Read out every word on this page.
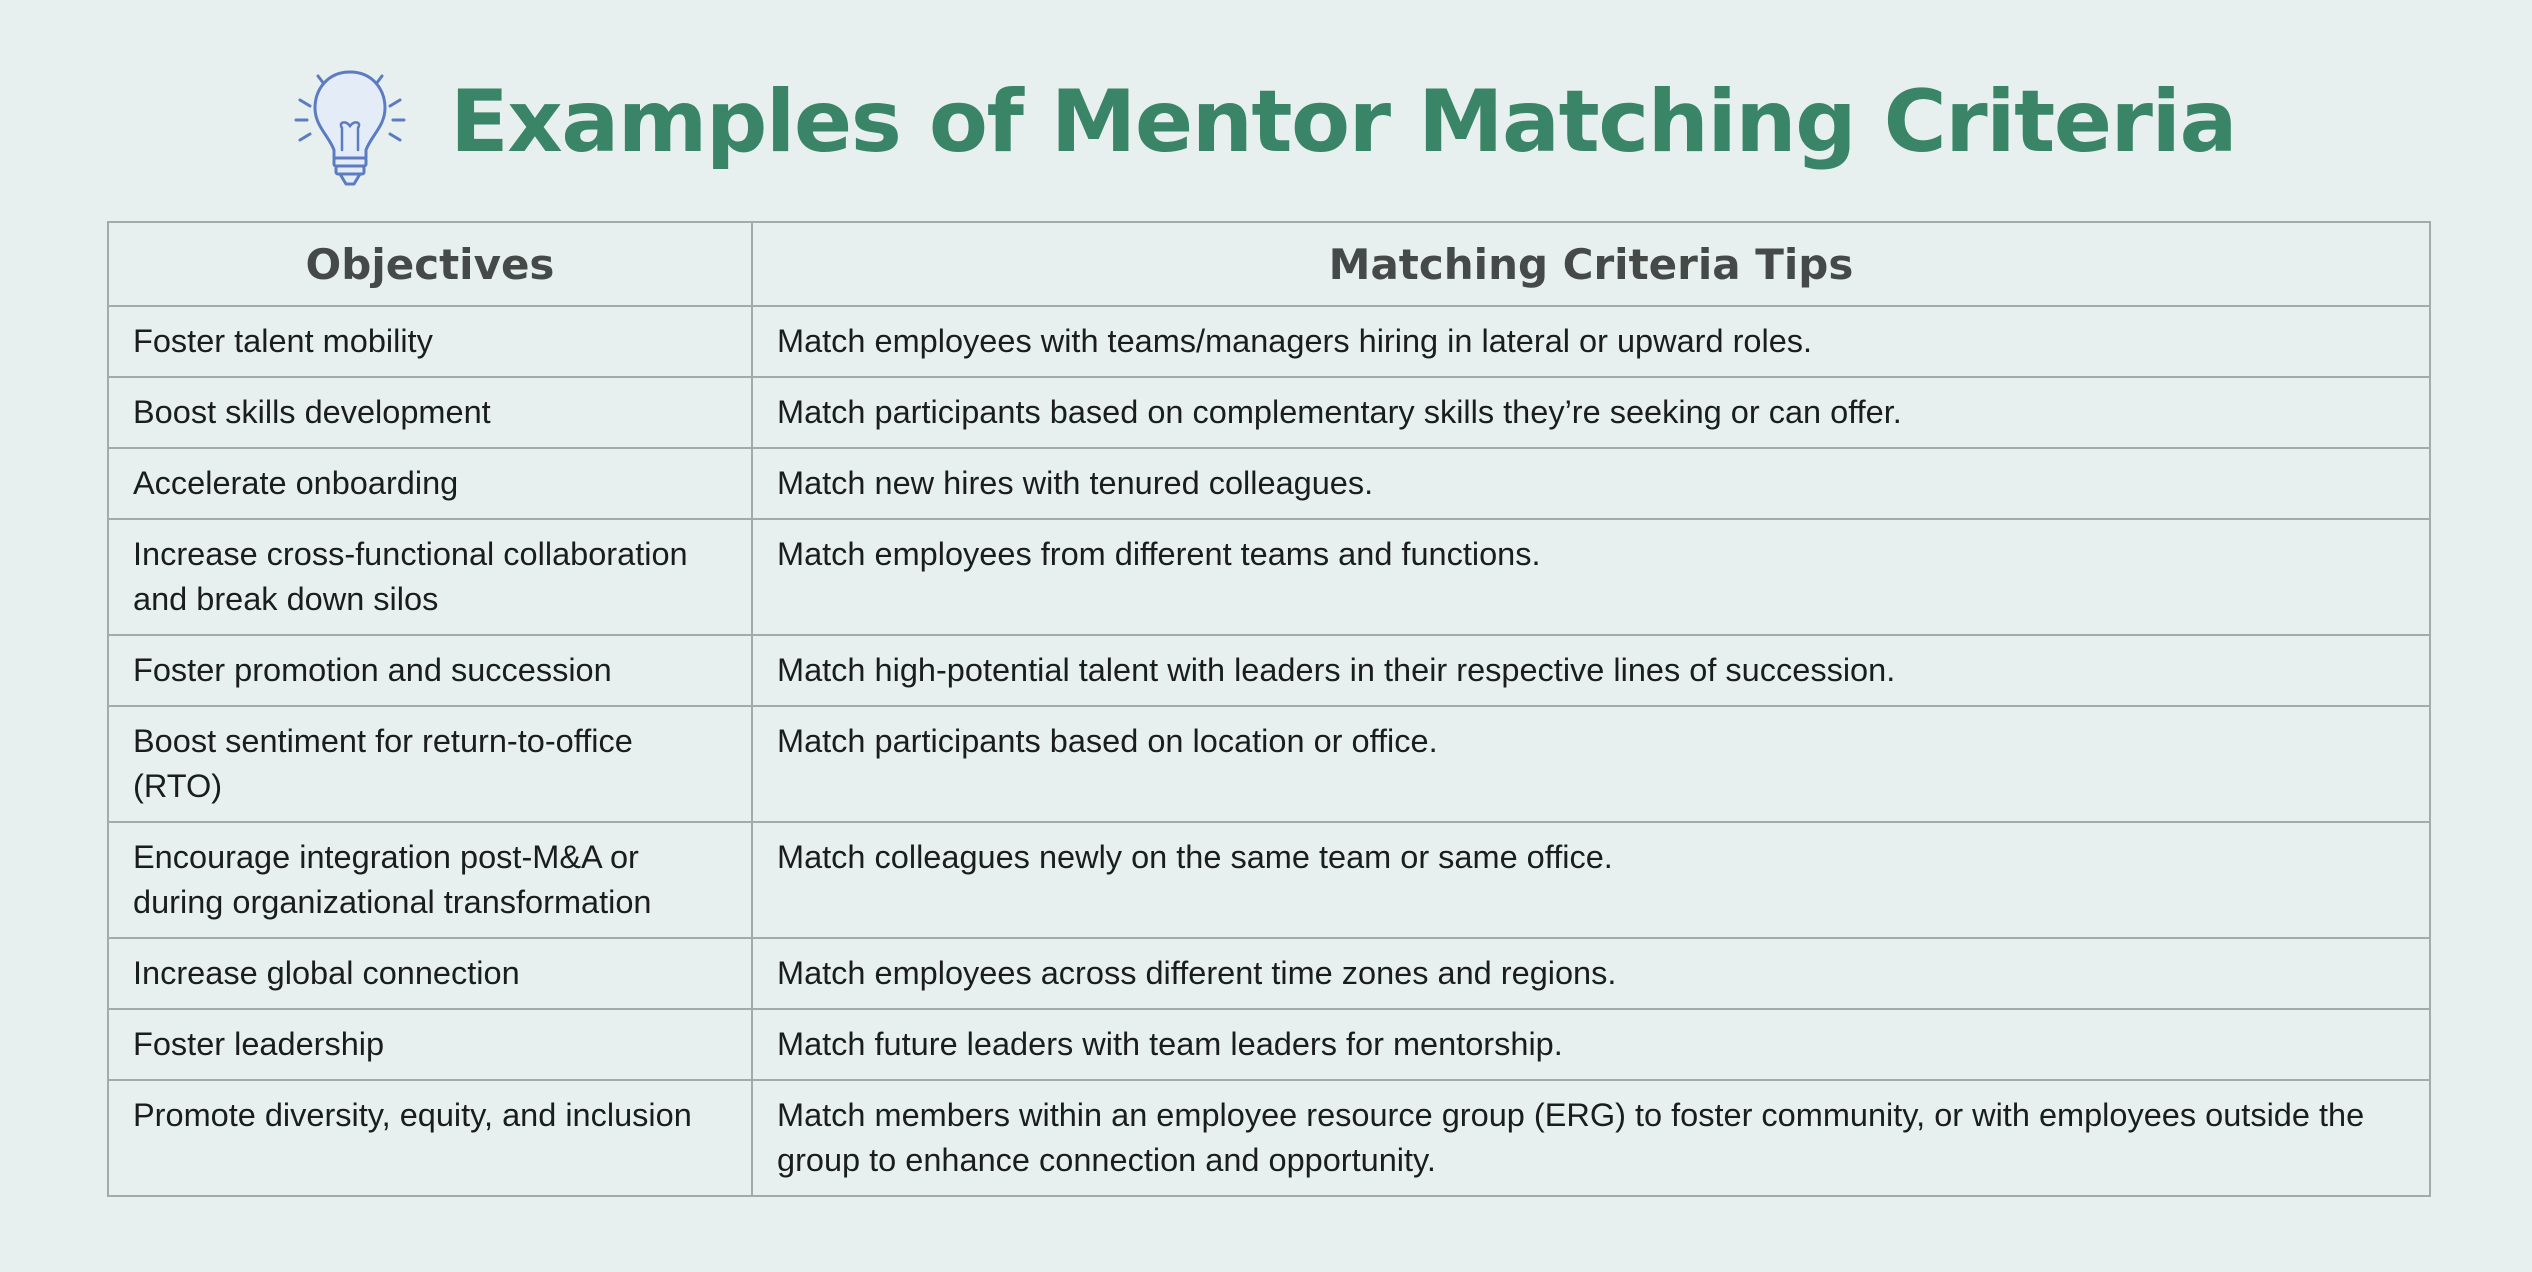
Examples of Mentor Matching Criteria
Objectives	Matching Criteria Tips
Foster talent mobility	Match employees with teams/managers hiring in lateral or upward roles.
Boost skills development	Match participants based on complementary skills they’re seeking or can offer.
Accelerate onboarding	Match new hires with tenured colleagues.
Increase cross-functional collaboration and break down silos	Match employees from different teams and functions.
Foster promotion and succession	Match high-potential talent with leaders in their respective lines of succession.
Boost sentiment for return-to-office (RTO)	Match participants based on location or office.
Encourage integration post-M&A or during organizational transformation	Match colleagues newly on the same team or same office.
Increase global connection	Match employees across different time zones and regions.
Foster leadership	Match future leaders with team leaders for mentorship.
Promote diversity, equity, and inclusion	Match members within an employee resource group (ERG) to foster community, or with employees outside the group to enhance connection and opportunity.
